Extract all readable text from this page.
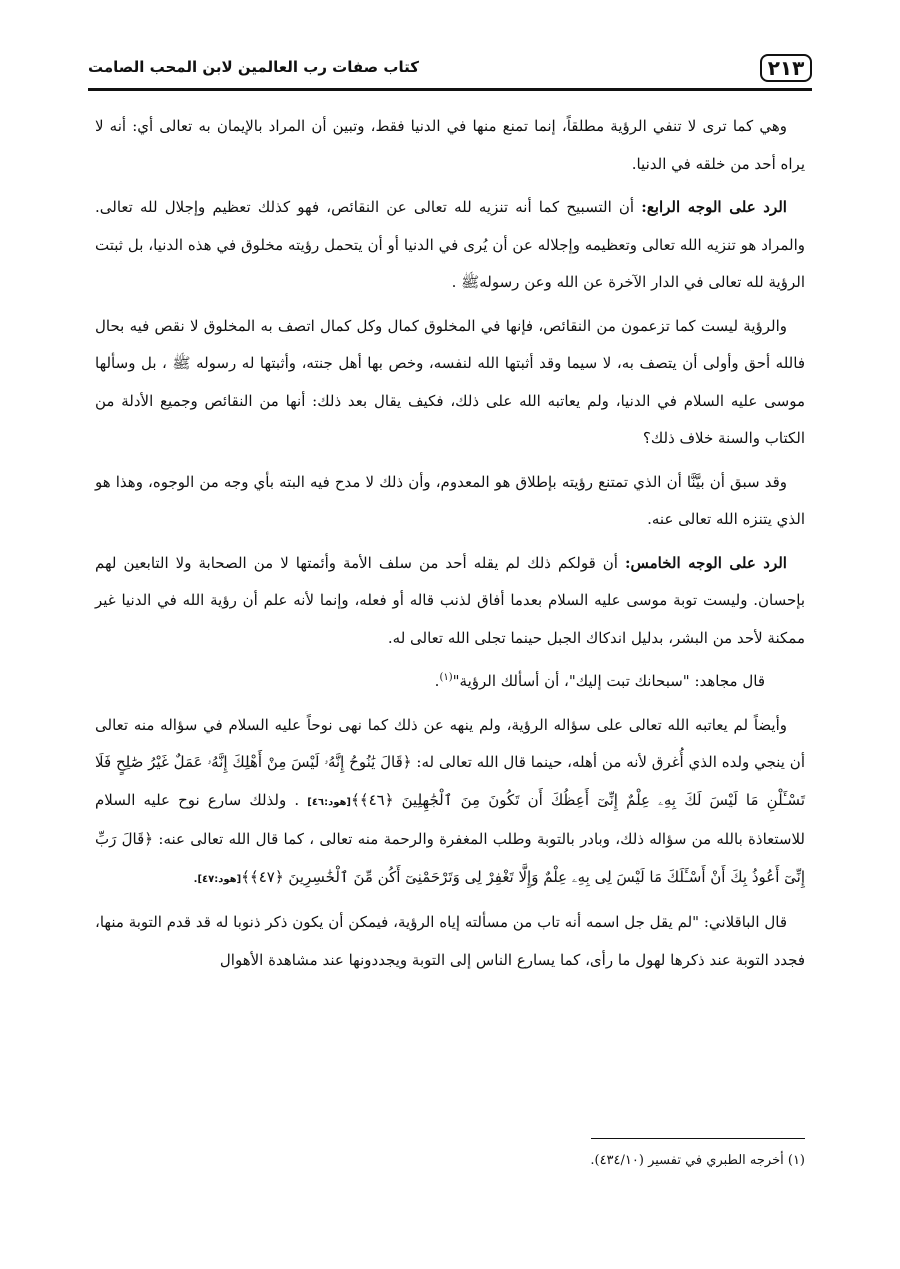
٢١٣
كتاب صفات رب العالمين لابن المحب الصامت

وهي كما ترى لا تنفي الرؤية مطلقاً، إنما تمنع منها في الدنيا فقط، وتبين أن المراد بالإيمان به تعالى أي: أنه لا يراه أحد من خلقه في الدنيا.

الرد على الوجه الرابع: أن التسبيح كما أنه تنزيه لله تعالى عن النقائص، فهو كذلك تعظيم وإجلال لله تعالى. والمراد هو تنزيه الله تعالى وتعظيمه وإجلاله عن أن يُرى في الدنيا أو أن يتحمل رؤيته مخلوق في هذه الدنيا، بل ثبتت الرؤية لله تعالى في الدار الآخرة عن الله وعن رسولهﷺ .

والرؤية ليست كما تزعمون من النقائص، فإنها في المخلوق كمال وكل كمال اتصف به المخلوق لا نقص فيه بحال فالله أحق وأولى أن يتصف به، لا سيما وقد أثبتها الله لنفسه، وخص بها أهل جنته، وأثبتها له رسوله ﷺ ، بل وسألها موسى عليه السلام في الدنيا، ولم يعاتبه الله على ذلك، فكيف يقال بعد ذلك: أنها من النقائص وجميع الأدلة من الكتاب والسنة خلاف ذلك؟

وقد سبق أن بيَّنَّا أن الذي تمتنع رؤيته بإطلاق هو المعدوم، وأن ذلك لا مدح فيه البته بأي وجه من الوجوه، وهذا هو الذي يتنزه الله تعالى عنه.

الرد على الوجه الخامس: أن قولكم ذلك لم يقله أحد من سلف الأمة وأئمتها لا من الصحابة ولا التابعين لهم بإحسان. وليست توبة موسى عليه السلام بعدما أفاق لذنب قاله أو فعله، وإنما لأنه علم أن رؤية الله في الدنيا غير ممكنة لأحد من البشر، بدليل اندكاك الجبل حينما تجلى الله تعالى له.

قال مجاهد: "سبحانك تبت إليك"، أن أسألك الرؤية"$^{(١)}$.

وأيضاً لم يعاتبه الله تعالى على سؤاله الرؤية، ولم ينهه عن ذلك كما نهى نوحاً عليه السلام في سؤاله منه تعالى أن ينجي ولده الذي أُغرق لأنه من أهله، حينما قال الله تعالى له: ﴿قَالَ يَٰنُوحُ إِنَّهُۥ لَيْسَ مِنْ أَهْلِكَ إِنَّهُۥ عَمَلٌ غَيْرُ صَٰلِحٍ فَلَا تَسْـَٔلْنِ مَا لَيْسَ لَكَ بِهِۦ عِلْمٌ إِنِّىٓ أَعِظُكَ أَن تَكُونَ مِنَ ٱلْجَٰهِلِينَ ﴿٤٦﴾﴾[هود:٤٦] . ولذلك سارع نوح عليه السلام للاستعاذة بالله من سؤاله ذلك، وبادر بالتوبة وطلب المغفرة والرحمة منه تعالى ، كما قال الله تعالى عنه: ﴿قَالَ رَبِّ إِنِّىٓ أَعُوذُ بِكَ أَنْ أَسْـَٔلَكَ مَا لَيْسَ لِى بِهِۦ عِلْمٌ وَإِلَّا تَغْفِرْ لِى وَتَرْحَمْنِىٓ أَكُن مِّنَ ٱلْخَٰسِرِينَ ﴿٤٧﴾﴾[هود:٤٧].

قال الباقلاني: "لم يقل جل اسمه أنه تاب من مسألته إياه الرؤية، فيمكن أن يكون ذكر ذنوبا له قد قدم التوبة منها، فجدد التوبة عند ذكرها لهول ما رأى، كما يسارع الناس إلى التوبة ويجددونها عند مشاهدة الأهوال

(١) أخرجه الطبري في تفسير (٤٣٤/١٠).
